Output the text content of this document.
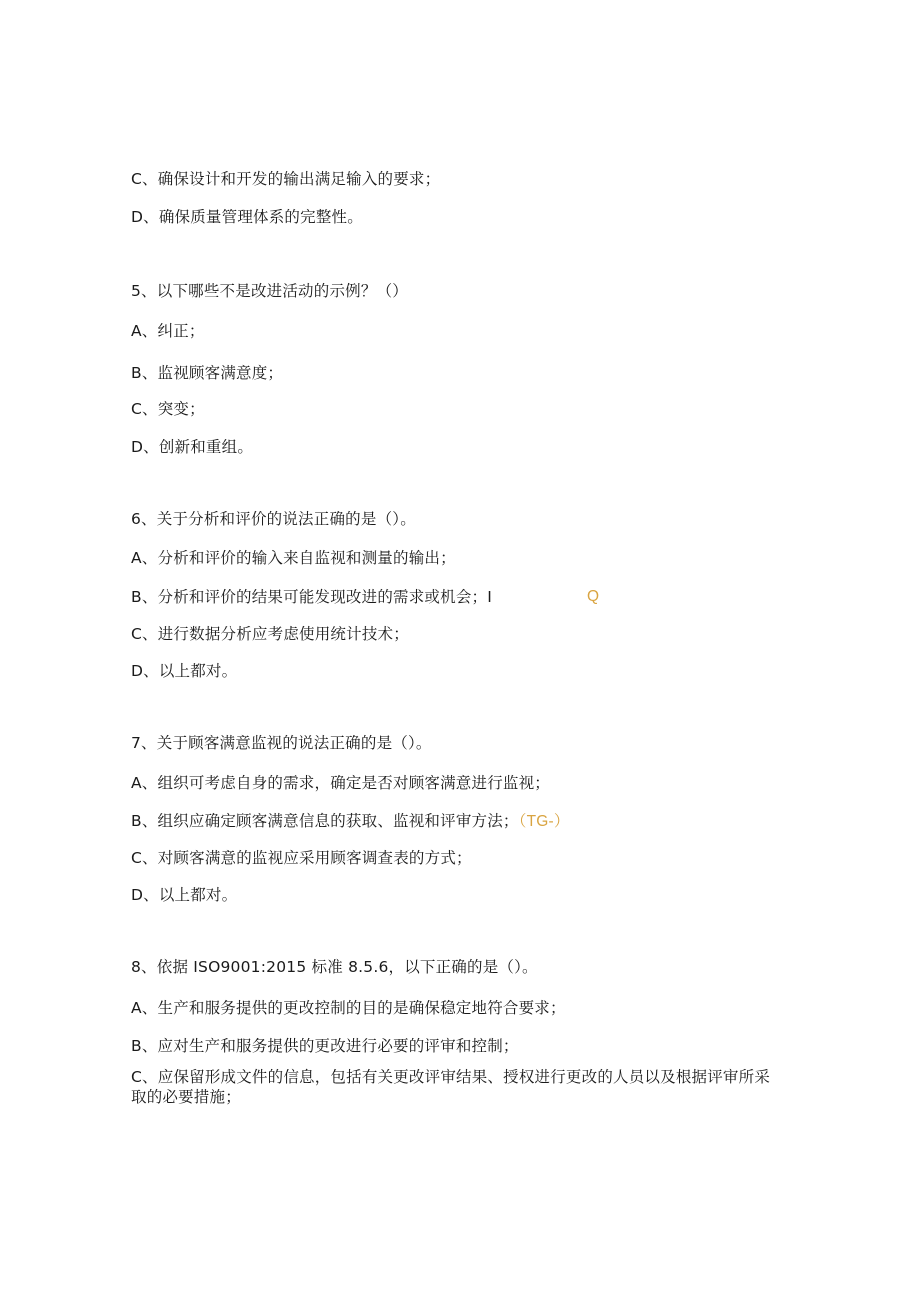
C、确保设计和开发的输出满足输入的要求；
D、确保质量管理体系的完整性。
5、以下哪些不是改进活动的示例？（）
A、纠正；
B、监视顾客满意度；
C、突变；
D、创新和重组。
6、关于分析和评价的说法正确的是（）。
A、分析和评价的输入来自监视和测量的输出；
B、分析和评价的结果可能发现改进的需求或机会；I	Q
C、进行数据分析应考虑使用统计技术；
D、以上都对。
7、关于顾客满意监视的说法正确的是（）。
A、组织可考虑自身的需求，确定是否对顾客满意进行监视；
B、组织应确定顾客满意信息的获取、监视和评审方法；（TG-）
C、对顾客满意的监视应采用顾客调查表的方式；
D、以上都对。
8、依据 ISO9001:2015 标准 8.5.6，以下正确的是（）。
A、生产和服务提供的更改控制的目的是确保稳定地符合要求；
B、应对生产和服务提供的更改进行必要的评审和控制；
C、应保留形成文件的信息，包括有关更改评审结果、授权进行更改的人员以及根据评审所采取的必要措施；
